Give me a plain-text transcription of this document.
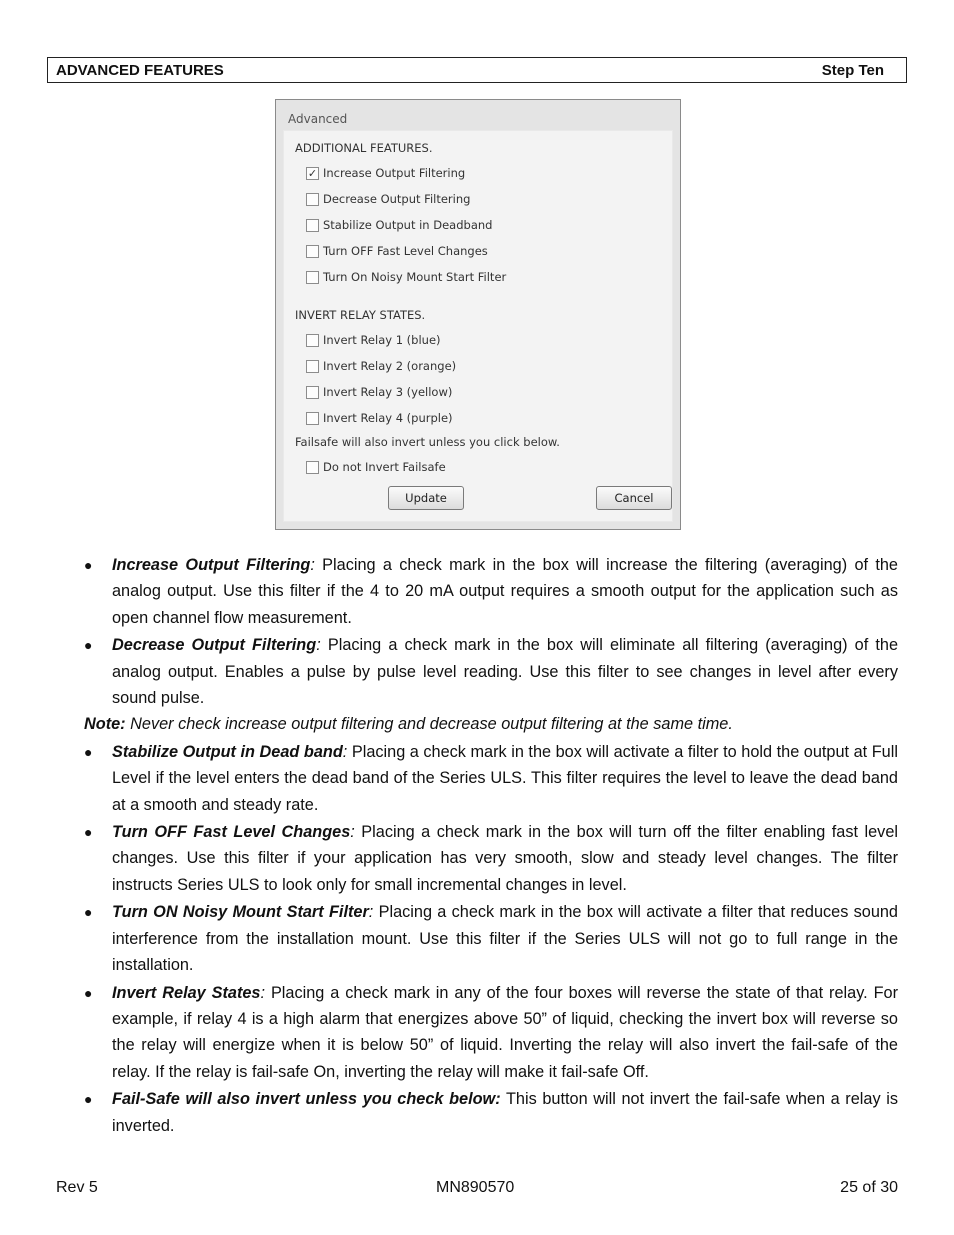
ADVANCED FEATURES	Step Ten
Advanced
ADDITIONAL FEATURES.
✓ Increase Output Filtering
Decrease Output Filtering
Stabilize Output in Deadband
Turn OFF Fast Level Changes
Turn On Noisy Mount Start Filter
INVERT RELAY STATES.
Invert Relay 1 (blue)
Invert Relay 2 (orange)
Invert Relay 3 (yellow)
Invert Relay 4 (purple)
Failsafe will also invert unless you click below.
Do not Invert Failsafe
Update	Cancel
● Increase Output Filtering: Placing a check mark in the box will increase the filtering (averaging) of the analog output. Use this filter if the 4 to 20 mA output requires a smooth output for the application such as open channel flow measurement.
● Decrease Output Filtering: Placing a check mark in the box will eliminate all filtering (averaging) of the analog output. Enables a pulse by pulse level reading. Use this filter to see changes in level after every sound pulse.
Note: Never check increase output filtering and decrease output filtering at the same time.
● Stabilize Output in Dead band: Placing a check mark in the box will activate a filter to hold the output at Full Level if the level enters the dead band of the Series ULS. This filter requires the level to leave the dead band at a smooth and steady rate.
● Turn OFF Fast Level Changes: Placing a check mark in the box will turn off the filter enabling fast level changes. Use this filter if your application has very smooth, slow and steady level changes. The filter instructs Series ULS to look only for small incremental changes in level.
● Turn ON Noisy Mount Start Filter: Placing a check mark in the box will activate a filter that reduces sound interference from the installation mount. Use this filter if the Series ULS will not go to full range in the installation.
● Invert Relay States: Placing a check mark in any of the four boxes will reverse the state of that relay. For example, if relay 4 is a high alarm that energizes above 50” of liquid, checking the invert box will reverse so the relay will energize when it is below 50” of liquid. Inverting the relay will also invert the fail-safe of the relay. If the relay is fail-safe On, inverting the relay will make it fail-safe Off.
● Fail-Safe will also invert unless you check below: This button will not invert the fail-safe when a relay is inverted.
Rev 5	MN890570	25 of 30
